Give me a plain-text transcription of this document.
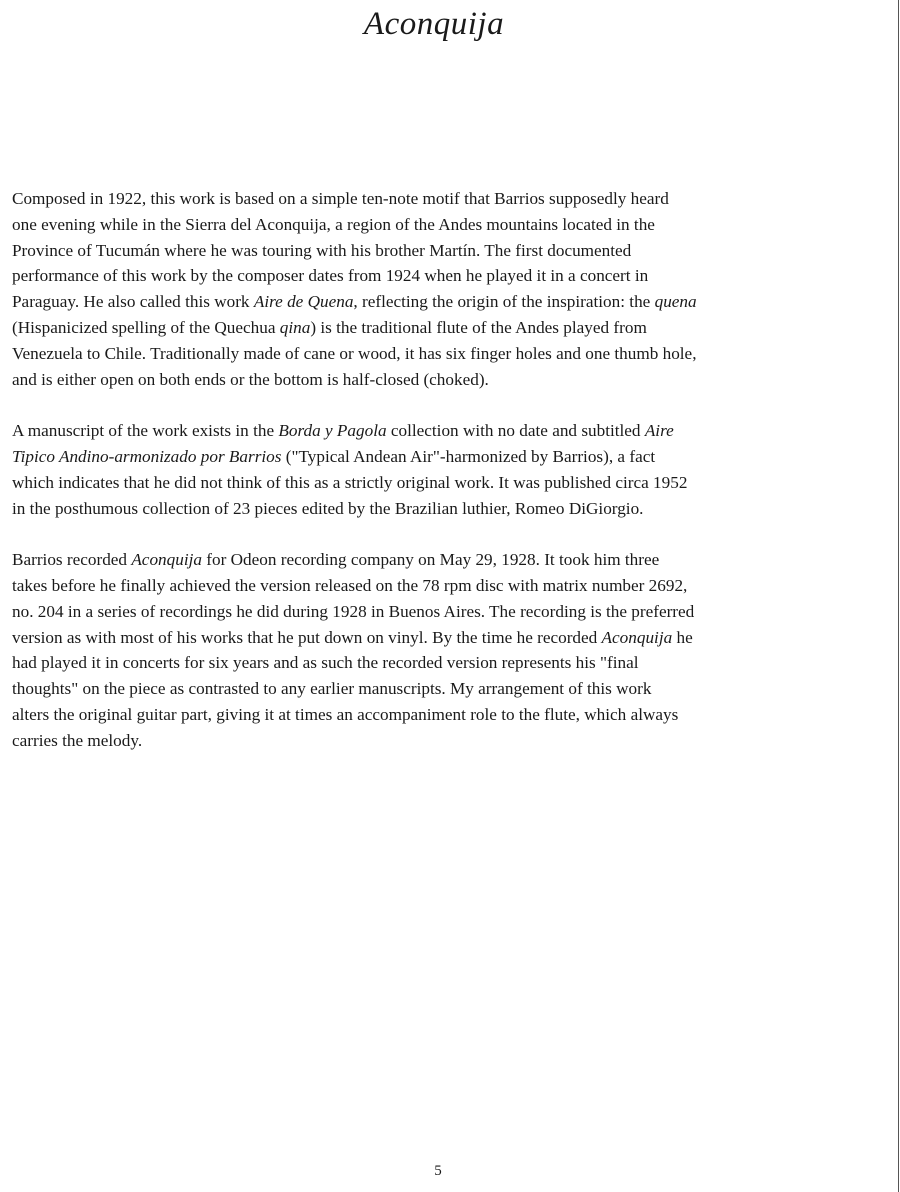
Aconquija

Composed in 1922, this work is based on a simple ten-note motif that Barrios supposedly heard
one evening while in the Sierra del Aconquija, a region of the Andes mountains located in the
Province of Tucumán where he was touring with his brother Martín. The first documented
performance of this work by the composer dates from 1924 when he played it in a concert in
Paraguay. He also called this work Aire de Quena, reflecting the origin of the inspiration: the quena
(Hispanicized spelling of the Quechua qina) is the traditional flute of the Andes played from
Venezuela to Chile. Traditionally made of cane or wood, it has six finger holes and one thumb hole,
and is either open on both ends or the bottom is half-closed (choked).

A manuscript of the work exists in the Borda y Pagola collection with no date and subtitled Aire
Tipico Andino-armonizado por Barrios ("Typical Andean Air"-harmonized by Barrios), a fact
which indicates that he did not think of this as a strictly original work. It was published circa 1952
in the posthumous collection of 23 pieces edited by the Brazilian luthier, Romeo DiGiorgio.

Barrios recorded Aconquija for Odeon recording company on May 29, 1928. It took him three
takes before he finally achieved the version released on the 78 rpm disc with matrix number 2692,
no. 204 in a series of recordings he did during 1928 in Buenos Aires. The recording is the preferred
version as with most of his works that he put down on vinyl. By the time he recorded Aconquija he
had played it in concerts for six years and as such the recorded version represents his "final
thoughts" on the piece as contrasted to any earlier manuscripts. My arrangement of this work
alters the original guitar part, giving it at times an accompaniment role to the flute, which always
carries the melody.

5
